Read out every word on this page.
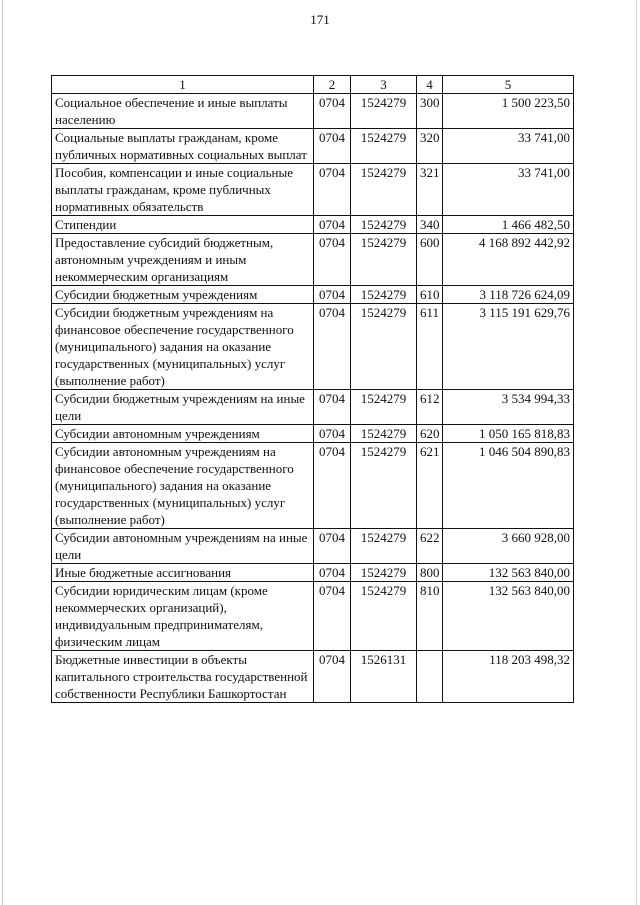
171
1	2	3	4	5
Социальное обеспечение и иные выплаты населению	0704	1524279	300	1 500 223,50
Социальные выплаты гражданам, кроме публичных нормативных социальных выплат	0704	1524279	320	33 741,00
Пособия, компенсации и иные социальные выплаты гражданам, кроме публичных нормативных обязательств	0704	1524279	321	33 741,00
Стипендии	0704	1524279	340	1 466 482,50
Предоставление субсидий бюджетным, автономным учреждениям и иным некоммерческим организациям	0704	1524279	600	4 168 892 442,92
Субсидии бюджетным учреждениям	0704	1524279	610	3 118 726 624,09
Субсидии бюджетным учреждениям на финансовое обеспечение государственного (муниципального) задания на оказание государственных (муниципальных) услуг (выполнение работ)	0704	1524279	611	3 115 191 629,76
Субсидии бюджетным учреждениям на иные цели	0704	1524279	612	3 534 994,33
Субсидии автономным учреждениям	0704	1524279	620	1 050 165 818,83
Субсидии автономным учреждениям на финансовое обеспечение государственного (муниципального) задания на оказание государственных (муниципальных) услуг (выполнение работ)	0704	1524279	621	1 046 504 890,83
Субсидии автономным учреждениям на иные цели	0704	1524279	622	3 660 928,00
Иные бюджетные ассигнования	0704	1524279	800	132 563 840,00
Субсидии юридическим лицам (кроме некоммерческих организаций), индивидуальным предпринимателям, физическим лицам	0704	1524279	810	132 563 840,00
Бюджетные инвестиции в объекты капитального строительства государственной собственности Республики Башкортостан	0704	1526131		118 203 498,32
